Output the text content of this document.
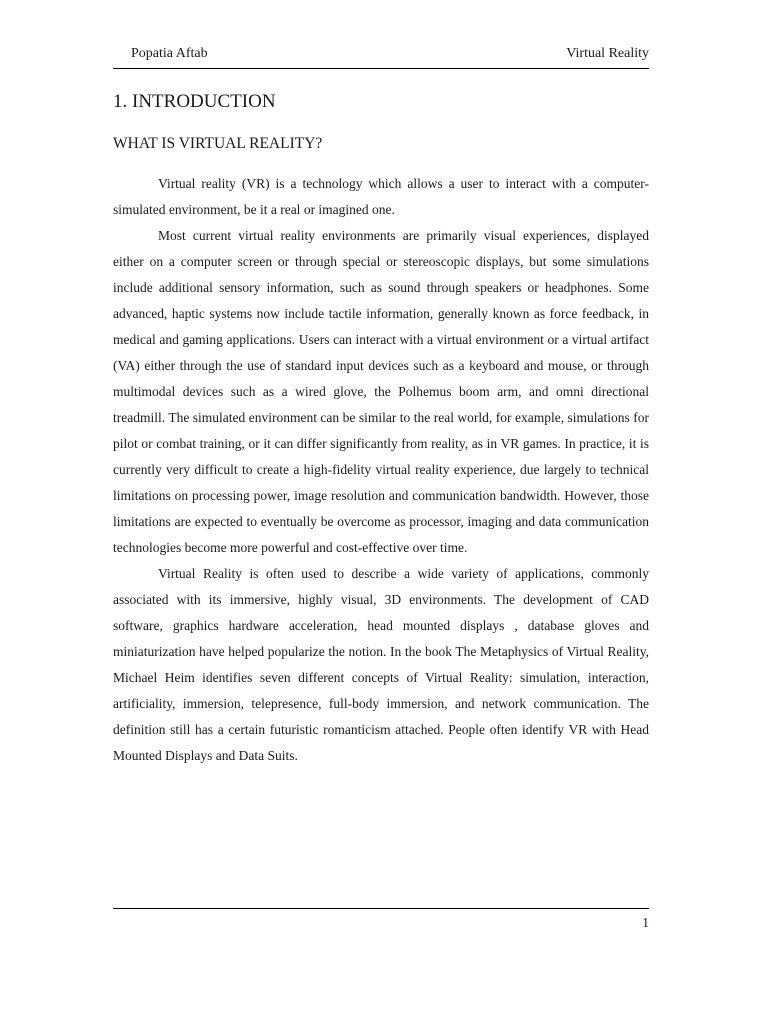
Popatia Aftab	Virtual Reality
1. INTRODUCTION
WHAT IS VIRTUAL REALITY?

Virtual reality (VR) is a technology which allows a user to interact with a computer-simulated environment, be it a real or imagined one.

Most current virtual reality environments are primarily visual experiences, displayed either on a computer screen or through special or stereoscopic displays, but some simulations include additional sensory information, such as sound through speakers or headphones. Some advanced, haptic systems now include tactile information, generally known as force feedback, in medical and gaming applications. Users can interact with a virtual environment or a virtual artifact (VA) either through the use of standard input devices such as a keyboard and mouse, or through multimodal devices such as a wired glove, the Polhemus boom arm, and omni directional treadmill. The simulated environment can be similar to the real world, for example, simulations for pilot or combat training, or it can differ significantly from reality, as in VR games. In practice, it is currently very difficult to create a high-fidelity virtual reality experience, due largely to technical limitations on processing power, image resolution and communication bandwidth. However, those limitations are expected to eventually be overcome as processor, imaging and data communication technologies become more powerful and cost-effective over time.

Virtual Reality is often used to describe a wide variety of applications, commonly associated with its immersive, highly visual, 3D environments. The development of CAD software, graphics hardware acceleration, head mounted displays , database gloves and miniaturization have helped popularize the notion. In the book The Metaphysics of Virtual Reality, Michael Heim identifies seven different concepts of Virtual Reality: simulation, interaction, artificiality, immersion, telepresence, full-body immersion, and network communication. The definition still has a certain futuristic romanticism attached. People often identify VR with Head Mounted Displays and Data Suits.

1
